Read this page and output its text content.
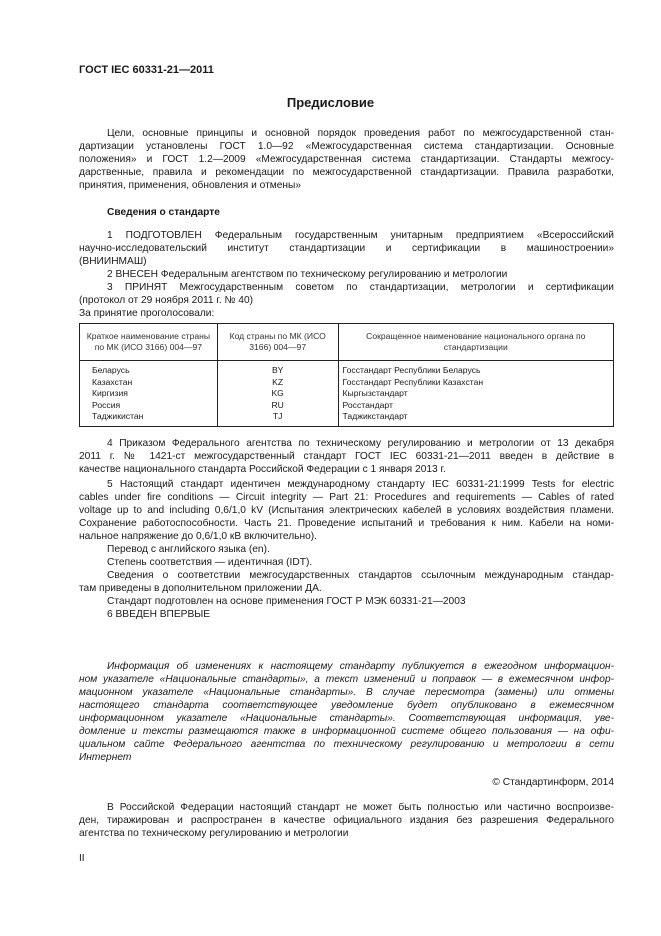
ГОСТ IEC 60331-21—2011
Предисловие
Цели, основные принципы и основной порядок проведения работ по межгосударственной стан-
дартизации установлены ГОСТ 1.0—92 «Межгосударственная система стандартизации. Основные
положения» и ГОСТ 1.2—2009 «Межгосударственная система стандартизации. Стандарты межгосу-
дарственные, правила и рекомендации по межгосударственной стандартизации. Правила разработки,
принятия, применения, обновления и отмены»
Сведения о стандарте
1 ПОДГОТОВЛЕН Федеральным государственным унитарным предприятием «Всероссийский
научно-исследовательский институт стандартизации и сертификации в машиностроении»
(ВНИИНМАШ)
2 ВНЕСЕН Федеральным агентством по техническому регулированию и метрологии
3 ПРИНЯТ Межгосударственным советом по стандартизации, метрологии и сертификации
(протокол от 29 ноября 2011 г. № 40)
За принятие проголосовали:
Краткое наименование страны по МК (ИСО 3166) 004—97	Код страны по МК (ИСО 3166) 004—97	Сокращенное наименование национального органа по стандартизации
Беларусь	BY	Госстандарт Республики Беларусь
Казахстан	KZ	Госстандарт Республики Казахстан
Киргизия	KG	Кыргызстандарт
Россия	RU	Росстандарт
Таджикистан	TJ	Таджикстандарт
4 Приказом Федерального агентства по техническому регулированию и метрологии от 13 декабря
2011 г. № 1421-ст межгосударственный стандарт ГОСТ IEC 60331-21—2011 введен в действие в
качестве национального стандарта Российской Федерации с 1 января 2013 г.
5 Настоящий стандарт идентичен международному стандарту IEC 60331-21:1999 Tests for electric
cables under fire conditions — Circuit integrity — Part 21: Procedures and requirements — Cables of rated
voltage up to and including 0,6/1,0 kV (Испытания электрических кабелей в условиях воздействия пламени.
Сохранение работоспособности. Часть 21. Проведение испытаний и требования к ним. Кабели на номи-
нальное напряжение до 0,6/1,0 кВ включительно).
Перевод с английского языка (en).
Степень соответствия — идентичная (IDT).
Сведения о соответствии межгосударственных стандартов ссылочным международным стандар-
там приведены в дополнительном приложении ДА.
Стандарт подготовлен на основе применения ГОСТ Р МЭК 60331-21—2003
6 ВВЕДЕН ВПЕРВЫЕ
Информация об изменениях к настоящему стандарту публикуется в ежегодном информацион-
ном указателе «Национальные стандарты», а текст изменений и поправок — в ежемесячном инфор-
мационном указателе «Национальные стандарты». В случае пересмотра (замены) или отмены
настоящего стандарта соответствующее уведомление будет опубликовано в ежемесячном
информационном указателе «Национальные стандарты». Соответствующая информация, уве-
домление и тексты размещаются также в информационной системе общего пользования — на офи-
циальном сайте Федерального агентства по техническому регулированию и метрологии в сети
Интернет
© Стандартинформ, 2014
В Российской Федерации настоящий стандарт не может быть полностью или частично воспроизве-
ден, тиражирован и распространен в качестве официального издания без разрешения Федерального
агентства по техническому регулированию и метрологии
II
